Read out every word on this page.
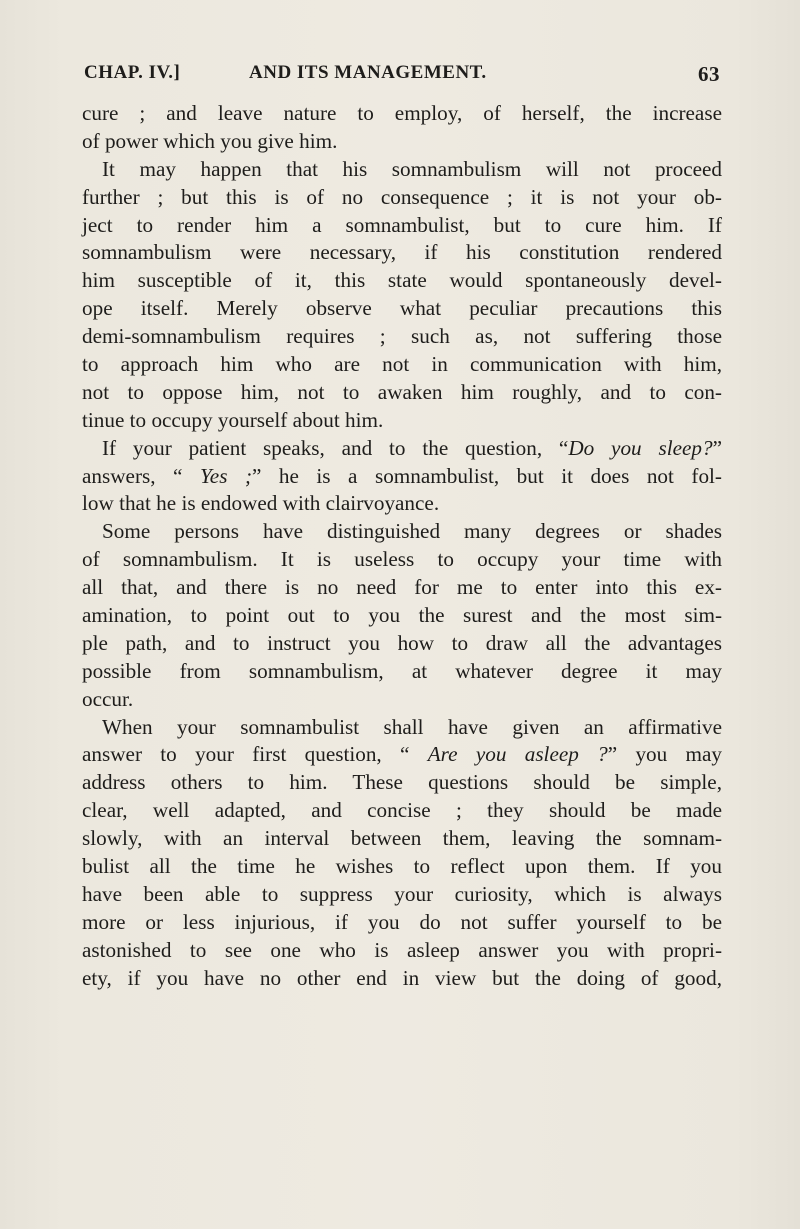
CHAP. IV.]	AND ITS MANAGEMENT.	63
cure ; and leave nature to employ, of herself, the increase
of power which you give him.
It may happen that his somnambulism will not proceed
further ; but this is of no consequence ; it is not your ob-
ject to render him a somnambulist, but to cure him. If
somnambulism were necessary, if his constitution rendered
him susceptible of it, this state would spontaneously devel-
ope itself. Merely observe what peculiar precautions this
demi-somnambulism requires ; such as, not suffering those
to approach him who are not in communication with him,
not to oppose him, not to awaken him roughly, and to con-
tinue to occupy yourself about him.
If your patient speaks, and to the question, “Do you sleep?”
answers, “ Yes ;” he is a somnambulist, but it does not fol-
low that he is endowed with clairvoyance.
Some persons have distinguished many degrees or shades
of somnambulism. It is useless to occupy your time with
all that, and there is no need for me to enter into this ex-
amination, to point out to you the surest and the most sim-
ple path, and to instruct you how to draw all the advantages
possible from somnambulism, at whatever degree it may
occur.
When your somnambulist shall have given an affirmative
answer to your first question, “ Are you asleep ?” you may
address others to him. These questions should be simple,
clear, well adapted, and concise ; they should be made
slowly, with an interval between them, leaving the somnam-
bulist all the time he wishes to reflect upon them. If you
have been able to suppress your curiosity, which is always
more or less injurious, if you do not suffer yourself to be
astonished to see one who is asleep answer you with propri-
ety, if you have no other end in view but the doing of good,
